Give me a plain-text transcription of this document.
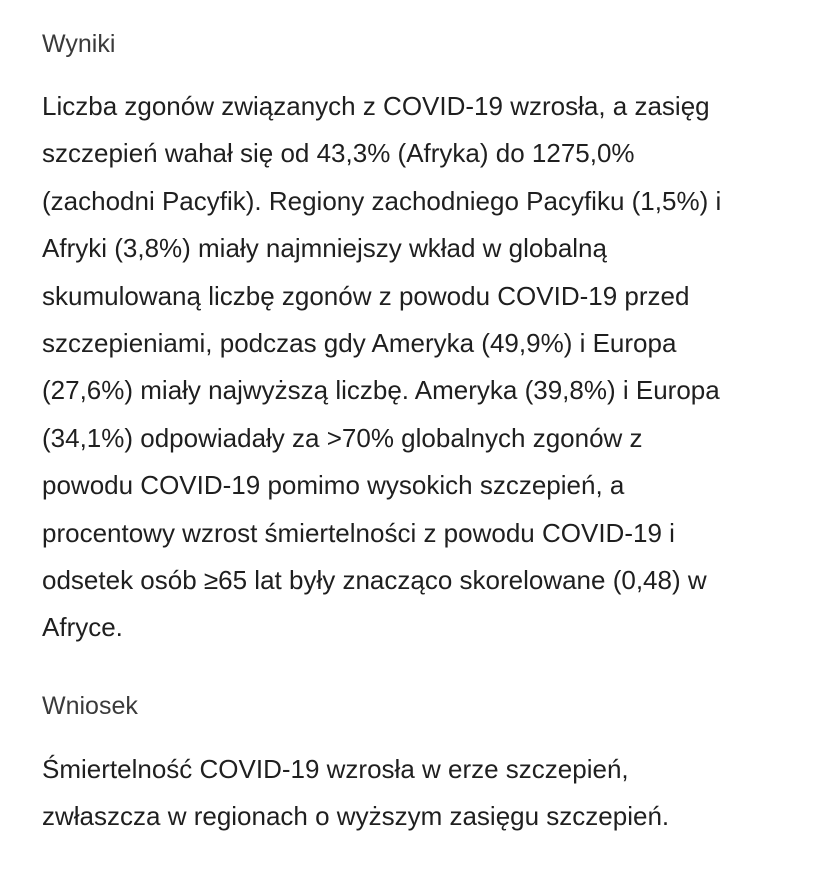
Wyniki

Liczba zgonów związanych z COVID-19 wzrosła, a zasięg
szczepień wahał się od 43,3% (Afryka) do 1275,0%
(zachodni Pacyfik). Regiony zachodniego Pacyfiku (1,5%) i
Afryki (3,8%) miały najmniejszy wkład w globalną
skumulowaną liczbę zgonów z powodu COVID-19 przed
szczepieniami, podczas gdy Ameryka (49,9%) i Europa
(27,6%) miały najwyższą liczbę. Ameryka (39,8%) i Europa
(34,1%) odpowiadały za >70% globalnych zgonów z
powodu COVID-19 pomimo wysokich szczepień, a
procentowy wzrost śmiertelności z powodu COVID-19 i
odsetek osób ≥65 lat były znacząco skorelowane (0,48) w
Afryce.

Wniosek

Śmiertelność COVID-19 wzrosła w erze szczepień,
zwłaszcza w regionach o wyższym zasięgu szczepień.
